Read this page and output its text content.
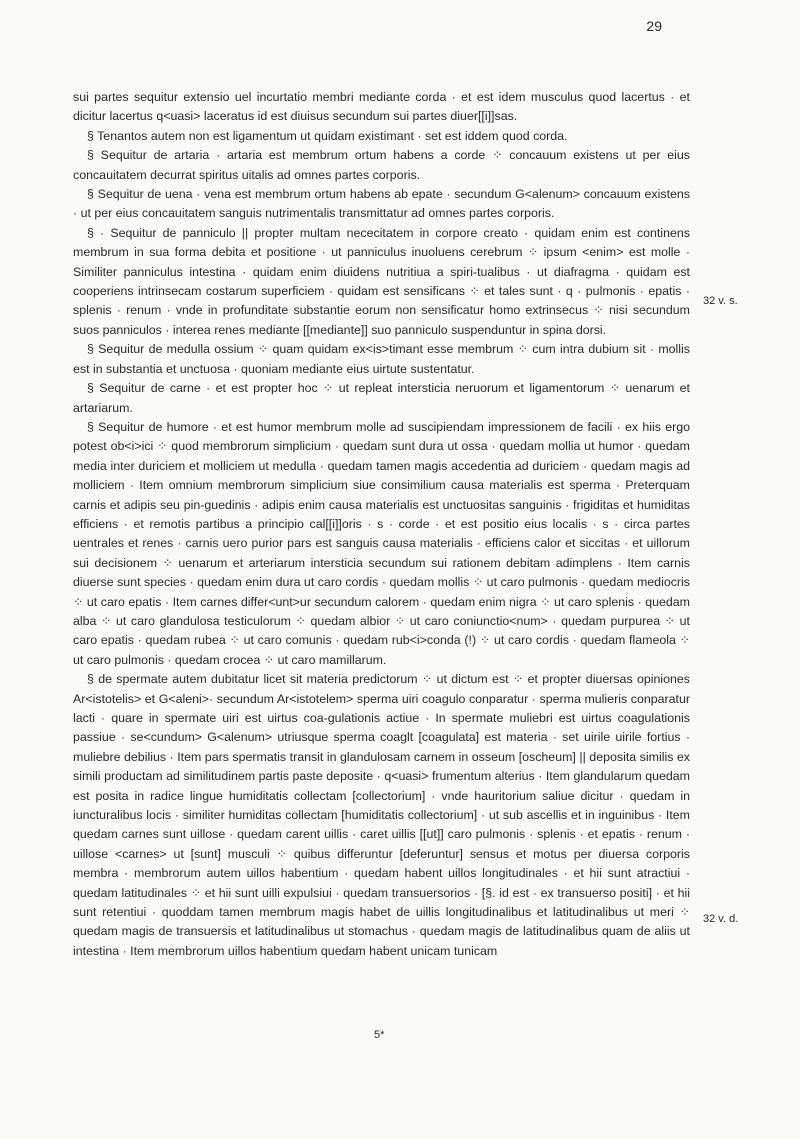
29

sui partes sequitur extensio uel incurtatio membri mediante corda · et est idem musculus quod lacertus · et dicitur lacertus q<uasi> laceratus id est diuisus secundum sui partes diuer[[i]]sas.

§ Tenantos autem non est ligamentum ut quidam existimant · set est iddem quod corda.

§ Sequitur de artaria · artaria est membrum ortum habens a corde ⁘ concauum existens ut per eius concauitatem decurrat spiritus uitalis ad omnes partes corporis.

§ Sequitur de uena · vena est membrum ortum habens ab epate · secundum G<alenum> concauum existens · ut per eius concauitatem sanguis nutrimentalis transmittatur ad omnes partes corporis.

§ · Sequitur de panniculo || propter multam nececitatem in corpore creato · quidam enim est continens membrum in sua forma debita et positione · ut panniculus inuoluens cerebrum ⁘ ipsum <enim> est molle · Similiter panniculus intestina · quidam enim diuidens nutritiua a spiri-tualibus · ut diafragma · quidam est cooperiens intrinsecam costarum superficiem · quidam est sensificans ⁘ et tales sunt · q · pulmonis · epatis · splenis · renum · vnde in profunditate substantie eorum non sensificatur homo extrinsecus ⁘ nisi secundum suos panniculos · interea renes mediante [[mediante]] suo panniculo suspenduntur in spina dorsi.

§ Sequitur de medulla ossium ⁘ quam quidam ex<is>timant esse membrum ⁘ cum intra dubium sit · mollis est in substantia et unctuosa · quoniam mediante eius uirtute sustentatur.

§ Sequitur de carne · et est propter hoc ⁘ ut repleat intersticia neruorum et ligamentorum ⁘ uenarum et artariarum.

§ Sequitur de humore · et est humor membrum molle ad suscipiendam impressionem de facili · ex hiis ergo potest ob<i>ici ⁘ quod membrorum simplicium · quedam sunt dura ut ossa · quedam mollia ut humor · quedam media inter duriciem et molliciem ut medulla · quedam tamen magis accedentia ad duriciem · quedam magis ad molliciem · Item omnium membrorum simplicium siue consimilium causa materialis est sperma · Preterquam carnis et adipis seu pin-guedinis · adipis enim causa materialis est unctuositas sanguinis · frigiditas et humiditas efficiens · et remotis partibus a principio cal[[i]]oris · s · corde · et est positio eius localis · s · circa partes uentrales et renes · carnis uero purior pars est sanguis causa materialis · efficiens calor et siccitas · et uillorum sui decisionem ⁘ uenarum et arteriarum intersticia secundum sui rationem debitam adimplens · Item carnis diuerse sunt species · quedam enim dura ut caro cordis · quedam mollis ⁘ ut caro pulmonis · quedam mediocris ⁘ ut caro epatis · Item carnes differ<unt>ur secundum calorem · quedam enim nigra ⁘ ut caro splenis · quedam alba ⁘ ut caro glandulosa testiculorum ⁘ quedam albior ⁘ ut caro coniunctio<num> · quedam purpurea ⁘ ut caro epatis · quedam rubea ⁘ ut caro comunis · quedam rub<i>conda (!) ⁘ ut caro cordis · quedam flameola ⁘ ut caro pulmonis · quedam crocea ⁘ ut caro mamillarum.

§ de spermate autem dubitatur licet sit materia predictorum ⁘ ut dictum est ⁘ et propter diuersas opiniones Ar<istotelis> et G<aleni>· secundum Ar<istotelem> sperma uiri coagulo conparatur · sperma mulieris conparatur lacti · quare in spermate uiri est uirtus coa-gulationis actiue · In spermate muliebri est uirtus coagulationis passiue · se<cundum> G<alenum> utriusque sperma coaglt [coagulata] est materia · set uirile uirile fortius · muliebre debilius · Item pars spermatis transit in glandulosam carnem in osseum [oscheum] || deposita similis ex simili productam ad similitudinem partis paste deposite · q<uasi> frumentum alterius · Item glandularum quedam est posita in radice lingue humiditatis collectam [collectorium] · vnde hauritorium saliue dicitur · quedam in iuncturalibus locis · similiter humiditas collectam [humiditatis collectorium] · ut sub ascellis et in inguinibus · Item quedam carnes sunt uillose · quedam carent uillis · caret uillis [[ut]] caro pulmonis · splenis · et epatis · renum · uillose <carnes> ut [sunt] musculi ⁘ quibus differuntur [deferuntur] sensus et motus per diuersa corporis membra · membrorum autem uillos habentium · quedam habent uillos longitudinales · et hii sunt atractiui · quedam latitudinales ⁘ et hii sunt uilli expulsiui · quedam transuersorios · [§. id est · ex transuerso positi] · et hii sunt retentiui · quoddam tamen membrum magis habet de uillis longitudinalibus et latitudinalibus ut meri ⁘ quedam magis de transuersis et latitudinalibus ut stomachus · quedam magis de latitudinalibus quam de aliis ut intestina · Item membrorum uillos habentium quedam habent unicam tunicam

32 v. s.
32 v. d.
5*
